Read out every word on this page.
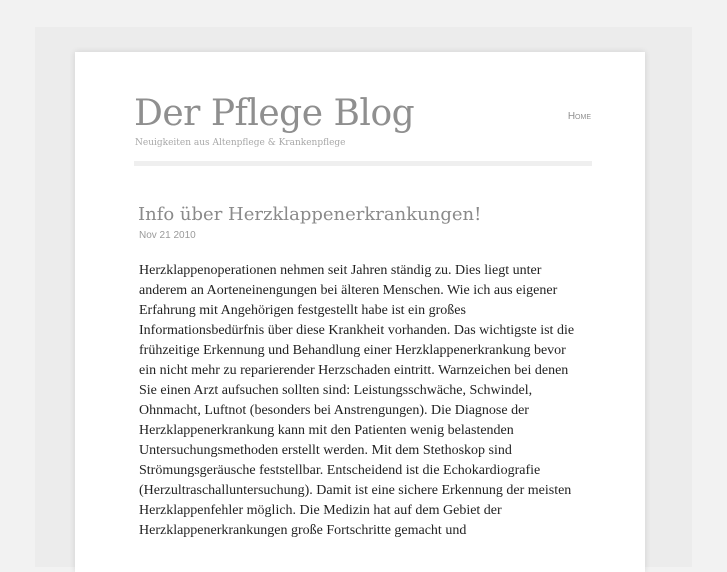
Der Pflege Blog
Neuigkeiten aus Altenpflege & Krankenpflege
Home
Info über Herzklappenerkrankungen!
Nov 21 2010

Herzklappenoperationen nehmen seit Jahren ständig zu. Dies liegt unter anderem an Aorteneinengungen bei älteren Menschen. Wie ich aus eigener Erfahrung mit Angehörigen festgestellt habe ist ein großes Informationsbedürfnis über diese Krankheit vorhanden. Das wichtigste ist die frühzeitige Erkennung und Behandlung einer Herzklappenerkrankung bevor ein nicht mehr zu reparierender Herzschaden eintritt. Warnzeichen bei denen Sie einen Arzt aufsuchen sollten sind: Leistungsschwäche, Schwindel, Ohnmacht, Luftnot (besonders bei Anstrengungen). Die Diagnose der Herzklappenerkrankung kann mit den Patienten wenig belastenden Untersuchungsmethoden erstellt werden. Mit dem Stethoskop sind Strömungsgeräusche feststellbar. Entscheidend ist die Echokardiografie (Herzultraschalluntersuchung). Damit ist eine sichere Erkennung der meisten Herzklappenfehler möglich. Die Medizin hat auf dem Gebiet der Herzklappenerkrankungen große Fortschritte gemacht und
